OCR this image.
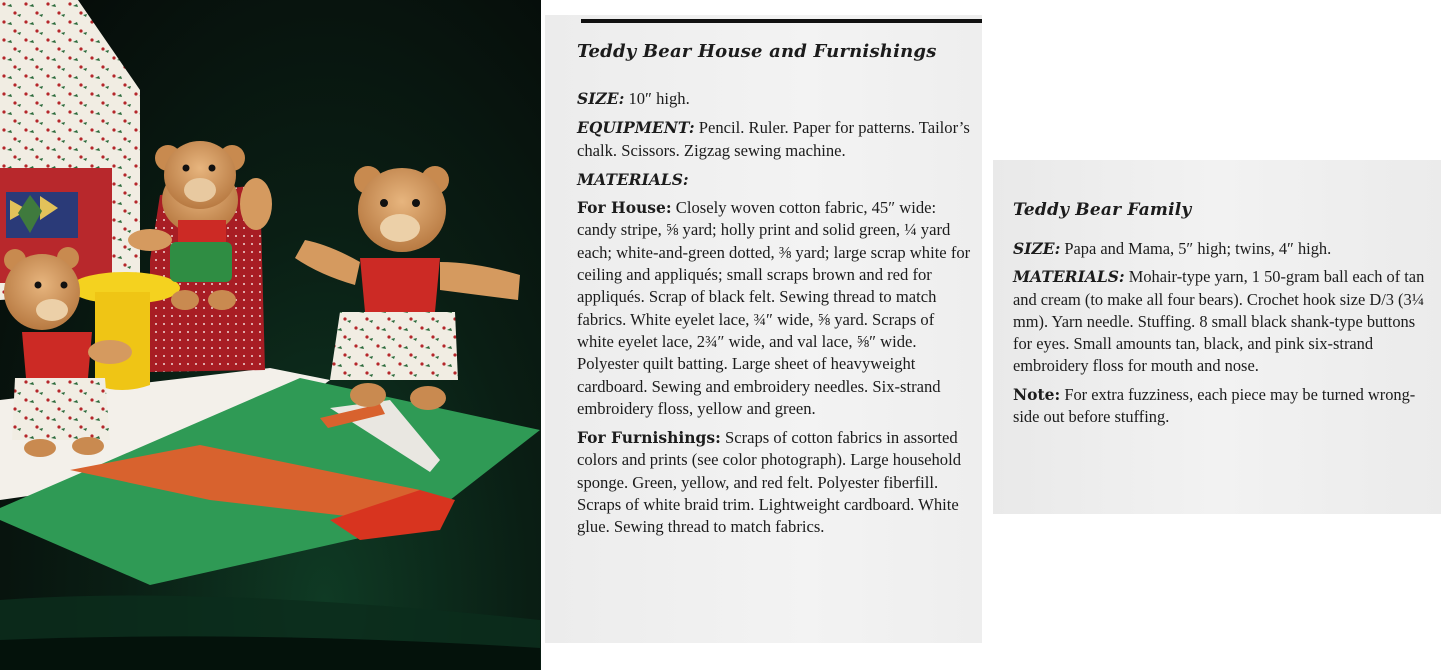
Teddy Bear House and Furnishings

SIZE: 10″ high.

EQUIPMENT: Pencil. Ruler. Paper for patterns. Tailor’s chalk. Scissors. Zigzag sewing machine.

MATERIALS:

For House: Closely woven cotton fabric, 45″ wide: candy stripe, ⅝ yard; holly print and solid green, ¼ yard each; white-and-green dotted, ⅜ yard; large scrap white for ceiling and appliqués; small scraps brown and red for appliqués. Scrap of black felt. Sewing thread to match fabrics. White eyelet lace, ¾″ wide, ⅝ yard. Scraps of white eyelet lace, 2¾″ wide, and val lace, ⅝″ wide. Polyester quilt batting. Large sheet of heavyweight cardboard. Sewing and embroidery needles. Six-strand embroidery floss, yellow and green.

For Furnishings: Scraps of cotton fabrics in assorted colors and prints (see color photograph). Large household sponge. Green, yellow, and red felt. Polyester fiberfill. Scraps of white braid trim. Lightweight cardboard. White glue. Sewing thread to match fabrics.

Teddy Bear Family

SIZE: Papa and Mama, 5″ high; twins, 4″ high.

MATERIALS: Mohair-type yarn, 1 50-gram ball each of tan and cream (to make all four bears). Crochet hook size D/3 (3¼ mm). Yarn needle. Stuffing. 8 small black shank-type buttons for eyes. Small amounts tan, black, and pink six-strand embroidery floss for mouth and nose.

Note: For extra fuzziness, each piece may be turned wrong-side out before stuffing.
